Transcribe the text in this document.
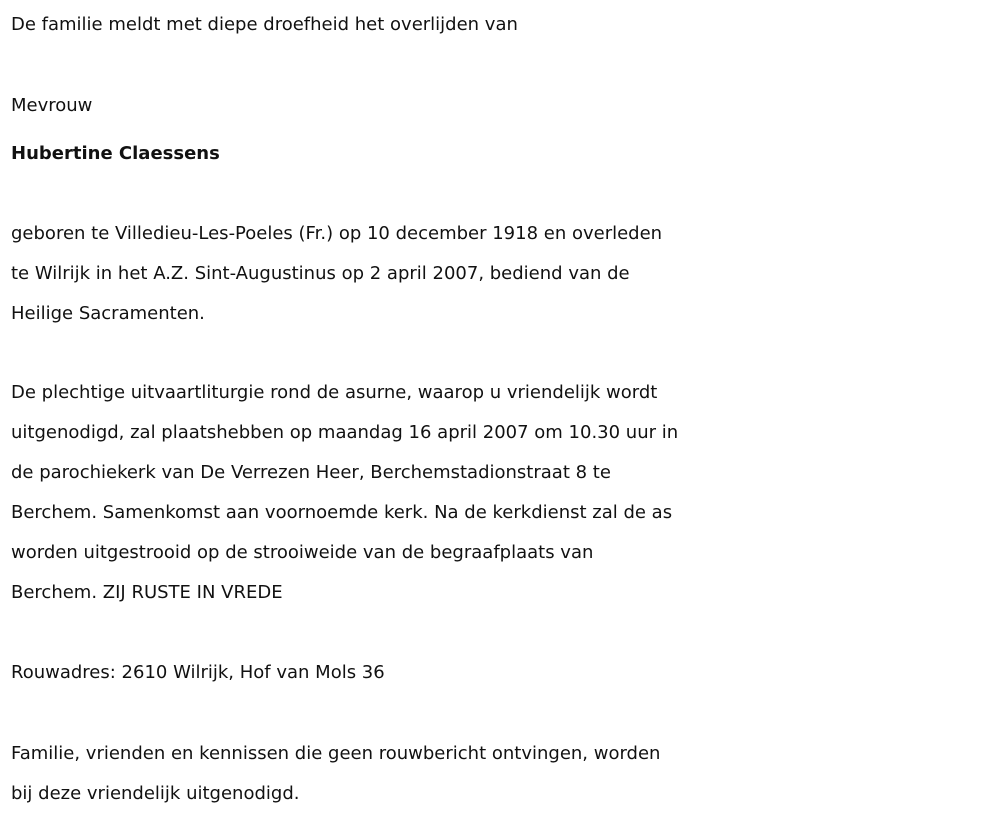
De familie meldt met diepe droefheid het overlijden van

Mevrouw

Hubertine Claessens

geboren te Villedieu-Les-Poeles (Fr.) op 10 december 1918 en overleden
te Wilrijk in het A.Z. Sint-Augustinus op 2 april 2007, bediend van de
Heilige Sacramenten.

De plechtige uitvaartliturgie rond de asurne, waarop u vriendelijk wordt
uitgenodigd, zal plaatshebben op maandag 16 april 2007 om 10.30 uur in
de parochiekerk van De Verrezen Heer, Berchemstadionstraat 8 te
Berchem. Samenkomst aan voornoemde kerk. Na de kerkdienst zal de as
worden uitgestrooid op de strooiweide van de begraafplaats van
Berchem. ZIJ RUSTE IN VREDE

Rouwadres: 2610 Wilrijk, Hof van Mols 36

Familie, vrienden en kennissen die geen rouwbericht ontvingen, worden
bij deze vriendelijk uitgenodigd.
